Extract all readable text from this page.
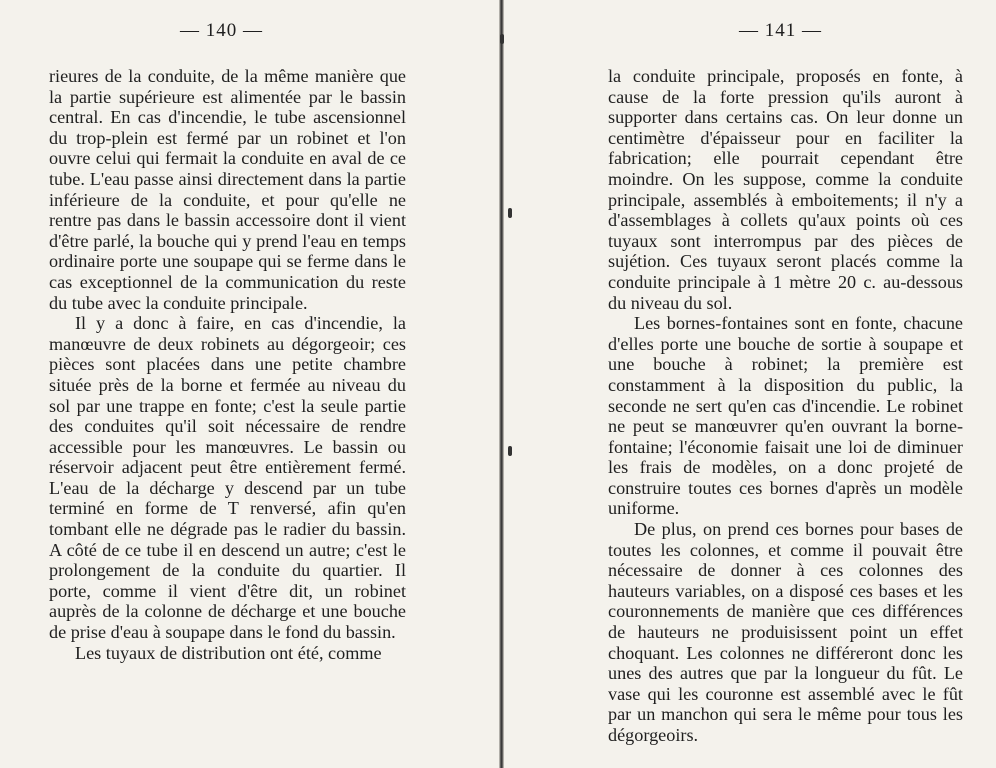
— 140 —

rieures de la conduite, de la même manière que la partie supérieure est alimentée par le bassin central. En cas d'incendie, le tube ascensionnel du trop-plein est fermé par un robinet et l'on ouvre celui qui fermait la conduite en aval de ce tube. L'eau passe ainsi directement dans la partie inférieure de la conduite, et pour qu'elle ne rentre pas dans le bassin accessoire dont il vient d'être parlé, la bouche qui y prend l'eau en temps ordinaire porte une soupape qui se ferme dans le cas exceptionnel de la communication du reste du tube avec la conduite principale.

Il y a donc à faire, en cas d'incendie, la manœuvre de deux robinets au dégorgeoir; ces pièces sont placées dans une petite chambre située près de la borne et fermée au niveau du sol par une trappe en fonte; c'est la seule partie des conduites qu'il soit nécessaire de rendre accessible pour les manœuvres. Le bassin ou réservoir adjacent peut être entièrement fermé. L'eau de la décharge y descend par un tube terminé en forme de T renversé, afin qu'en tombant elle ne dégrade pas le radier du bassin. A côté de ce tube il en descend un autre; c'est le prolongement de la conduite du quartier. Il porte, comme il vient d'être dit, un robinet auprès de la colonne de décharge et une bouche de prise d'eau à soupape dans le fond du bassin.

Les tuyaux de distribution ont été, comme

— 141 —

la conduite principale, proposés en fonte, à cause de la forte pression qu'ils auront à supporter dans certains cas. On leur donne un centimètre d'épaisseur pour en faciliter la fabrication; elle pourrait cependant être moindre. On les suppose, comme la conduite principale, assemblés à emboitements; il n'y a d'assemblages à collets qu'aux points où ces tuyaux sont interrompus par des pièces de sujétion. Ces tuyaux seront placés comme la conduite principale à 1 mètre 20 c. au-dessous du niveau du sol.

Les bornes-fontaines sont en fonte, chacune d'elles porte une bouche de sortie à soupape et une bouche à robinet; la première est constamment à la disposition du public, la seconde ne sert qu'en cas d'incendie. Le robinet ne peut se manœuvrer qu'en ouvrant la borne-fontaine; l'économie faisait une loi de diminuer les frais de modèles, on a donc projeté de construire toutes ces bornes d'après un modèle uniforme.

De plus, on prend ces bornes pour bases de toutes les colonnes, et comme il pouvait être nécessaire de donner à ces colonnes des hauteurs variables, on a disposé ces bases et les couronnements de manière que ces différences de hauteurs ne produisissent point un effet choquant. Les colonnes ne différeront donc les unes des autres que par la longueur du fût. Le vase qui les couronne est assemblé avec le fût par un manchon qui sera le même pour tous les dégorgeoirs.
